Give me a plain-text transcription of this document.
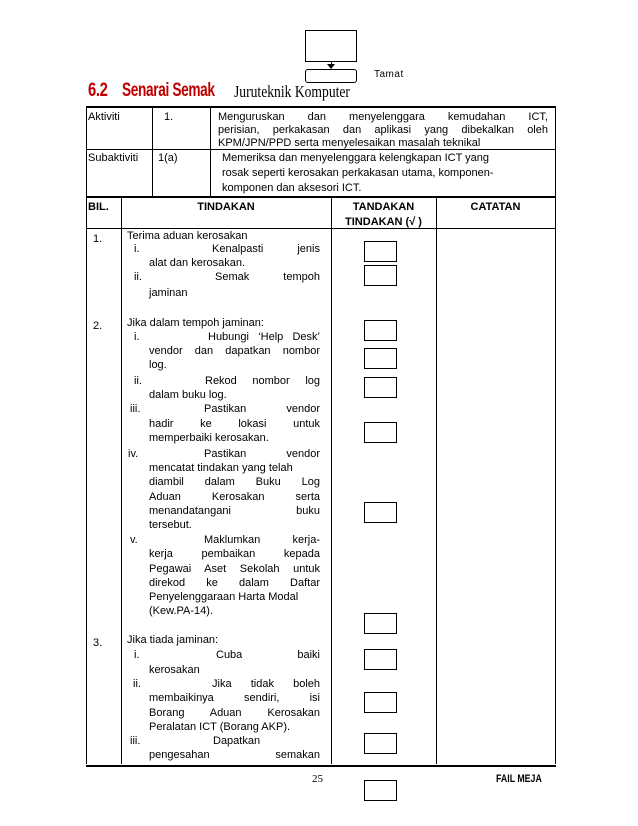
Tamat
6.2 Senarai Semak Juruteknik Komputer
Aktiviti	1.	Menguruskan dan menyelenggara kemudahan ICT,
perisian, perkakasan dan aplikasi yang dibekalkan oleh
KPM/JPN/PPD serta menyelesaikan masalah teknikal
Subaktiviti 1(a)	Memeriksa dan menyelenggara kelengkapan ICT yang
rosak seperti kerosakan perkakasan utama, komponen-
komponen dan aksesori ICT.
BIL.	TINDAKAN	TANDAKAN
TINDAKAN (√ )
CATATAN
1. Terima aduan kerosakan
i.	Kenalpasti jenis
alat dan kerosakan.
ii.	Semak tempoh
jaminan
2. Jika dalam tempoh jaminan:
i.	Hubungi ‘Help Desk’
vendor dan dapatkan nombor
log.
ii.	Rekod nombor log
dalam buku log.
iii.	Pastikan vendor
hadir ke lokasi untuk
memperbaiki kerosakan.
iv.	Pastikan vendor
mencatat tindakan yang telah
diambil dalam Buku Log
Aduan Kerosakan serta
menandatangani buku
tersebut.
v.	Maklumkan kerja-
kerja pembaikan kepada
Pegawai Aset Sekolah untuk
direkod ke dalam Daftar
Penyelenggaraan Harta Modal
(Kew.PA-14).
3. Jika tiada jaminan:
i.	Cuba baiki
kerosakan
ii.	Jika tidak boleh
membaikinya sendiri, isi
Borang Aduan Kerosakan
Peralatan ICT (Borang AKP).
iii.	Dapatkan
pengesahan semakan
25	FAIL MEJA
